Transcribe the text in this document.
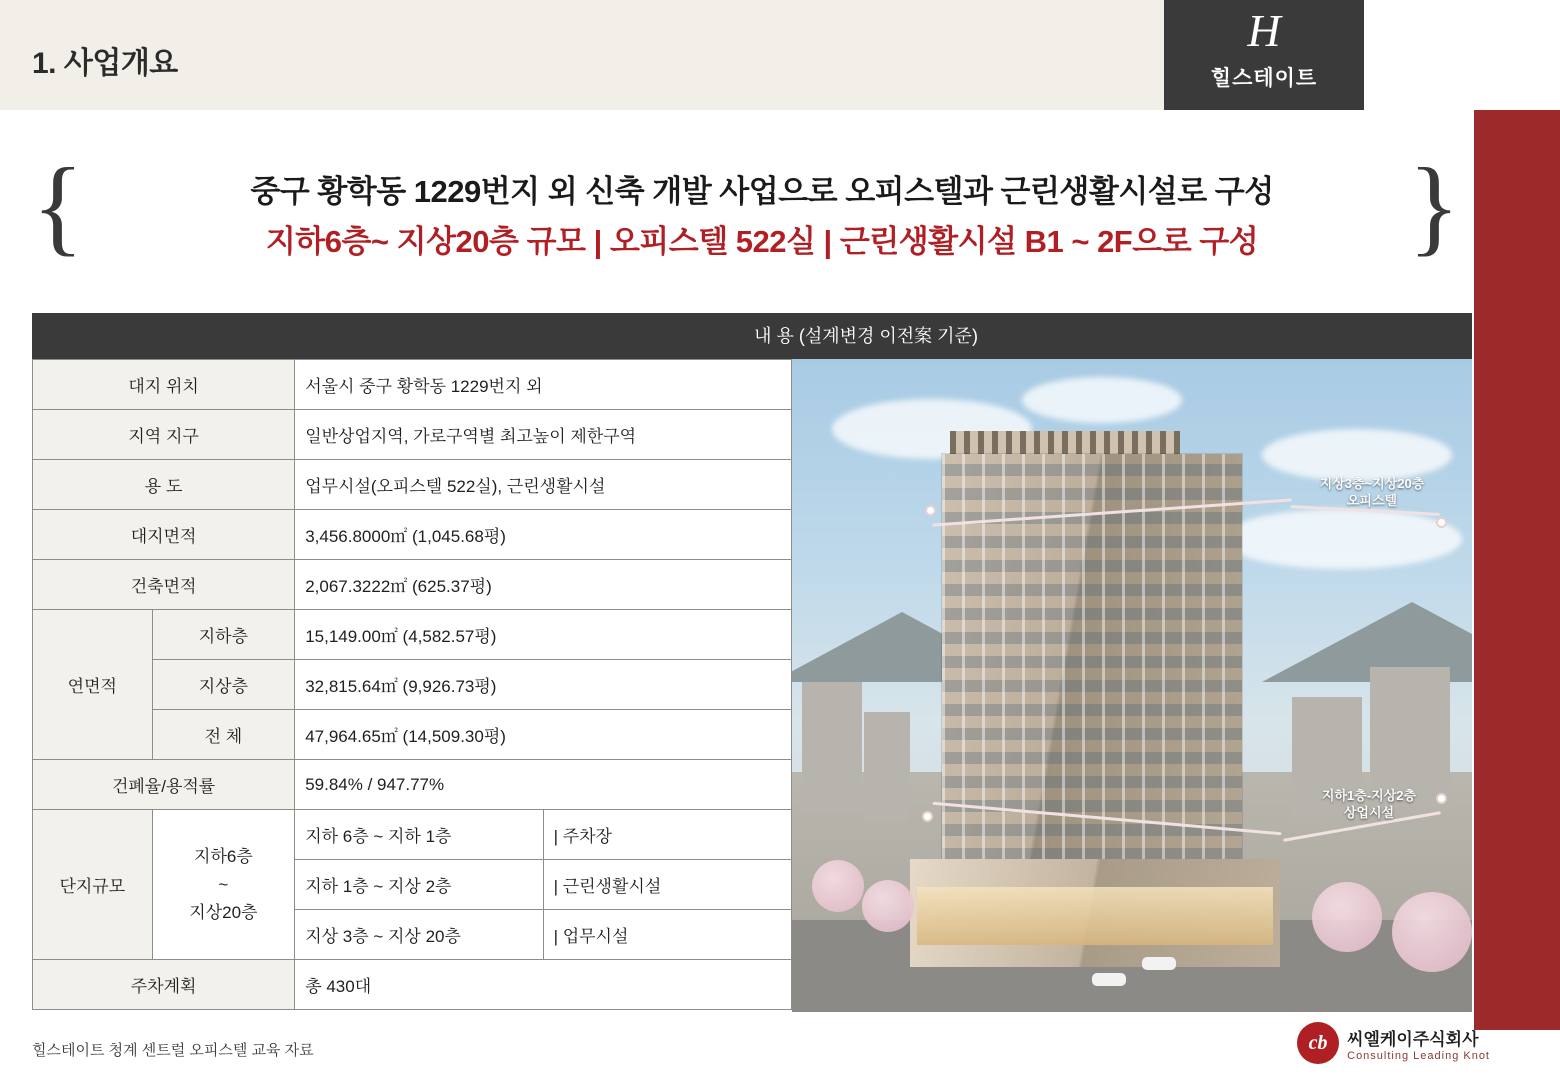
1. 사업개요
H
힐스테이트
{	}
중구 황학동 1229번지 외 신축 개발 사업으로 오피스텔과 근린생활시설로 구성
지하6층~ 지상20층 규모 | 오피스텔 522실 | 근린생활시설 B1 ~ 2F으로 구성
내 용 (설계변경 이전案 기준)
대지 위치		서울시 중구 황학동 1229번지 외	
지역 지구		일반상업지역, 가로구역별 최고높이 제한구역	
용 도		업무시설(오피스텔 522실), 근린생활시설	
대지면적		3,456.8000㎡ (1,045.68평)	
건축면적		2,067.3222㎡ (625.37평)	
연면적	지하층	15,149.00㎡ (4,582.57평)	
	지상층	32,815.64㎡ (9,926.73평)	
	전 체	47,964.65㎡ (14,509.30평)	
건폐율/용적률		59.84% / 947.77%	
단지규모	지하6층
~
지상20층	지하 6층 ~ 지하 1층	| 주차장
		지하 1층 ~ 지상 2층	| 근린생활시설
		지상 3층 ~ 지상 20층	| 업무시설
주차계획		총 430대	
지상3층~지상20층
오피스텔
지하1층-지상2층
상업시설
힐스테이트 청계 센트럴 오피스텔 교육 자료	cb	씨엘케이주식회사
Consulting Leading Knot
